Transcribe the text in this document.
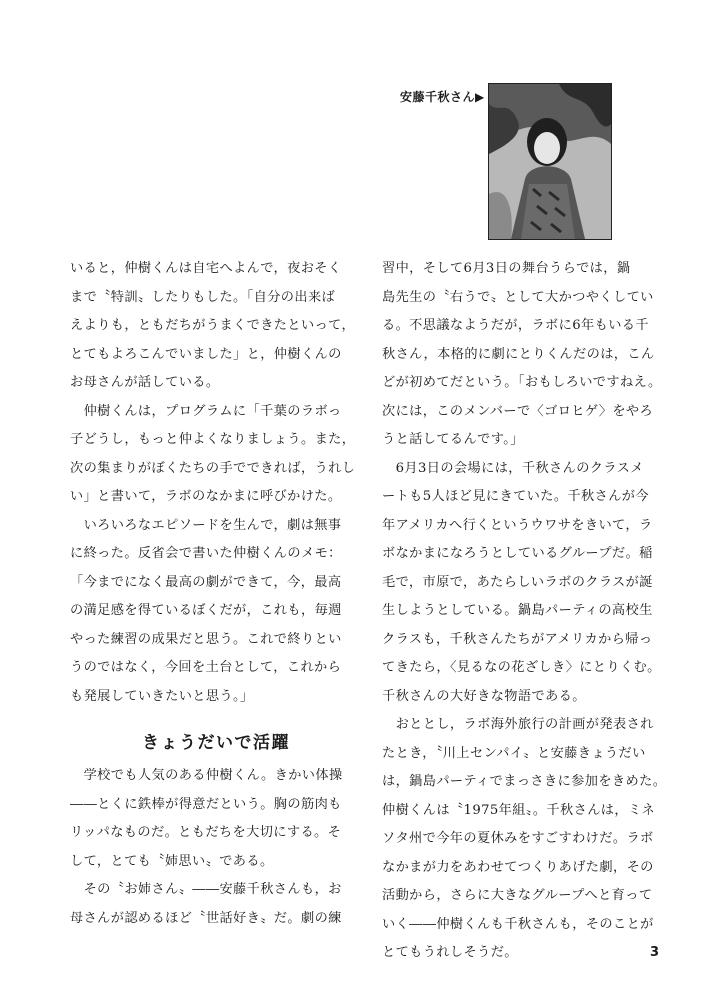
安藤千秋さん▶
いると，仲樹くんは自宅へよんで，夜おそく
まで〝特訓〟したりもした。「自分の出来ば
えよりも，ともだちがうまくできたといって，
とてもよろこんでいました」と，仲樹くんの
お母さんが話している。
　仲樹くんは，プログラムに「千葉のラボっ
子どうし，もっと仲よくなりましょう。また，
次の集まりがぼくたちの手でできれば，うれし
い」と書いて，ラボのなかまに呼びかけた。
　いろいろなエピソードを生んで，劇は無事
に終った。反省会で書いた仲樹くんのメモ：
「今までになく最高の劇ができて，今，最高
の満足感を得ているぼくだが，これも，毎週
やった練習の成果だと思う。これで終りとい
うのではなく，今回を土台として，これから
も発展していきたいと思う。」
きょうだいで活躍
　学校でも人気のある仲樹くん。きかい体操
――とくに鉄棒が得意だという。胸の筋肉も
リッパなものだ。ともだちを大切にする。そ
して，とても〝姉思い〟である。
　その〝お姉さん〟――安藤千秋さんも，お
母さんが認めるほど〝世話好き〟だ。劇の練
習中，そして6月3日の舞台うらでは，鍋
島先生の〝右うで〟として大かつやくしてい
る。不思議なようだが，ラボに6年もいる千
秋さん，本格的に劇にとりくんだのは，こん
どが初めてだという。「おもしろいですねえ。
次には，このメンバーで〈ゴロヒゲ〉をやろ
うと話してるんです。」
　6月3日の会場には，千秋さんのクラスメ
ートも5人ほど見にきていた。千秋さんが今
年アメリカへ行くというウワサをきいて，ラ
ボなかまになろうとしているグループだ。稲
毛で，市原で，あたらしいラボのクラスが誕
生しようとしている。鍋島パーティの高校生
クラスも，千秋さんたちがアメリカから帰っ
てきたら，〈見るなの花ざしき〉にとりくむ。
千秋さんの大好きな物語である。
　おととし，ラボ海外旅行の計画が発表され
たとき，〝川上センパイ〟と安藤きょうだい
は，鍋島パーティでまっさきに参加をきめた。
仲樹くんは〝1975年組〟。千秋さんは，ミネ
ソタ州で今年の夏休みをすごすわけだ。ラボ
なかまが力をあわせてつくりあげた劇，その
活動から，さらに大きなグループへと育って
いく――仲樹くんも千秋さんも，そのことが
とてもうれしそうだ。	3
